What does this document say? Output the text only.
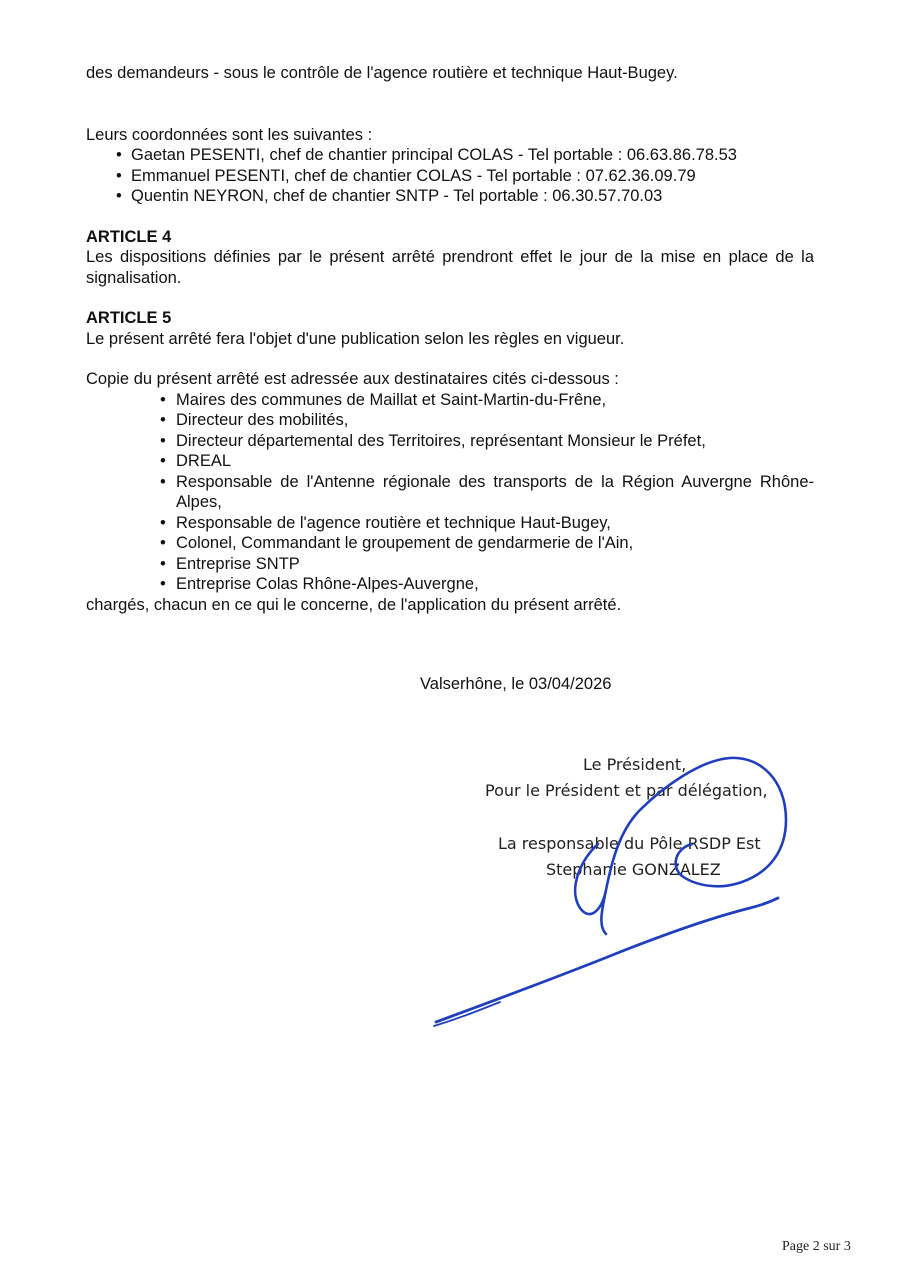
des demandeurs - sous le contrôle de l'agence routière et technique Haut-Bugey.

Leurs coordonnées sont les suivantes :

• Gaetan PESENTI, chef de chantier principal COLAS - Tel portable : 06.63.86.78.53
• Emmanuel PESENTI, chef de chantier COLAS - Tel portable : 07.62.36.09.79
• Quentin NEYRON, chef de chantier SNTP - Tel portable : 06.30.57.70.03

ARTICLE 4

Les dispositions définies par le présent arrêté prendront effet le jour de la mise en place de la signalisation.

ARTICLE 5

Le présent arrêté fera l'objet d'une publication selon les règles en vigueur.

Copie du présent arrêté est adressée aux destinataires cités ci-dessous :

• Maires des communes de Maillat et Saint-Martin-du-Frêne,
• Directeur des mobilités,
• Directeur départemental des Territoires, représentant Monsieur le Préfet,
• DREAL
• Responsable de l'Antenne régionale des transports de la Région Auvergne Rhône-Alpes,
• Responsable de l'agence routière et technique Haut-Bugey,
• Colonel, Commandant le groupement de gendarmerie de l'Ain,
• Entreprise SNTP
• Entreprise Colas Rhône-Alpes-Auvergne,

chargés, chacun en ce qui le concerne, de l'application du présent arrêté.

Valserhône, le 03/04/2026

Le Président,
Pour le Président et par délégation,
La responsable du Pôle RSDP Est
Stephanie GONZALEZ
Page 2 sur 3
